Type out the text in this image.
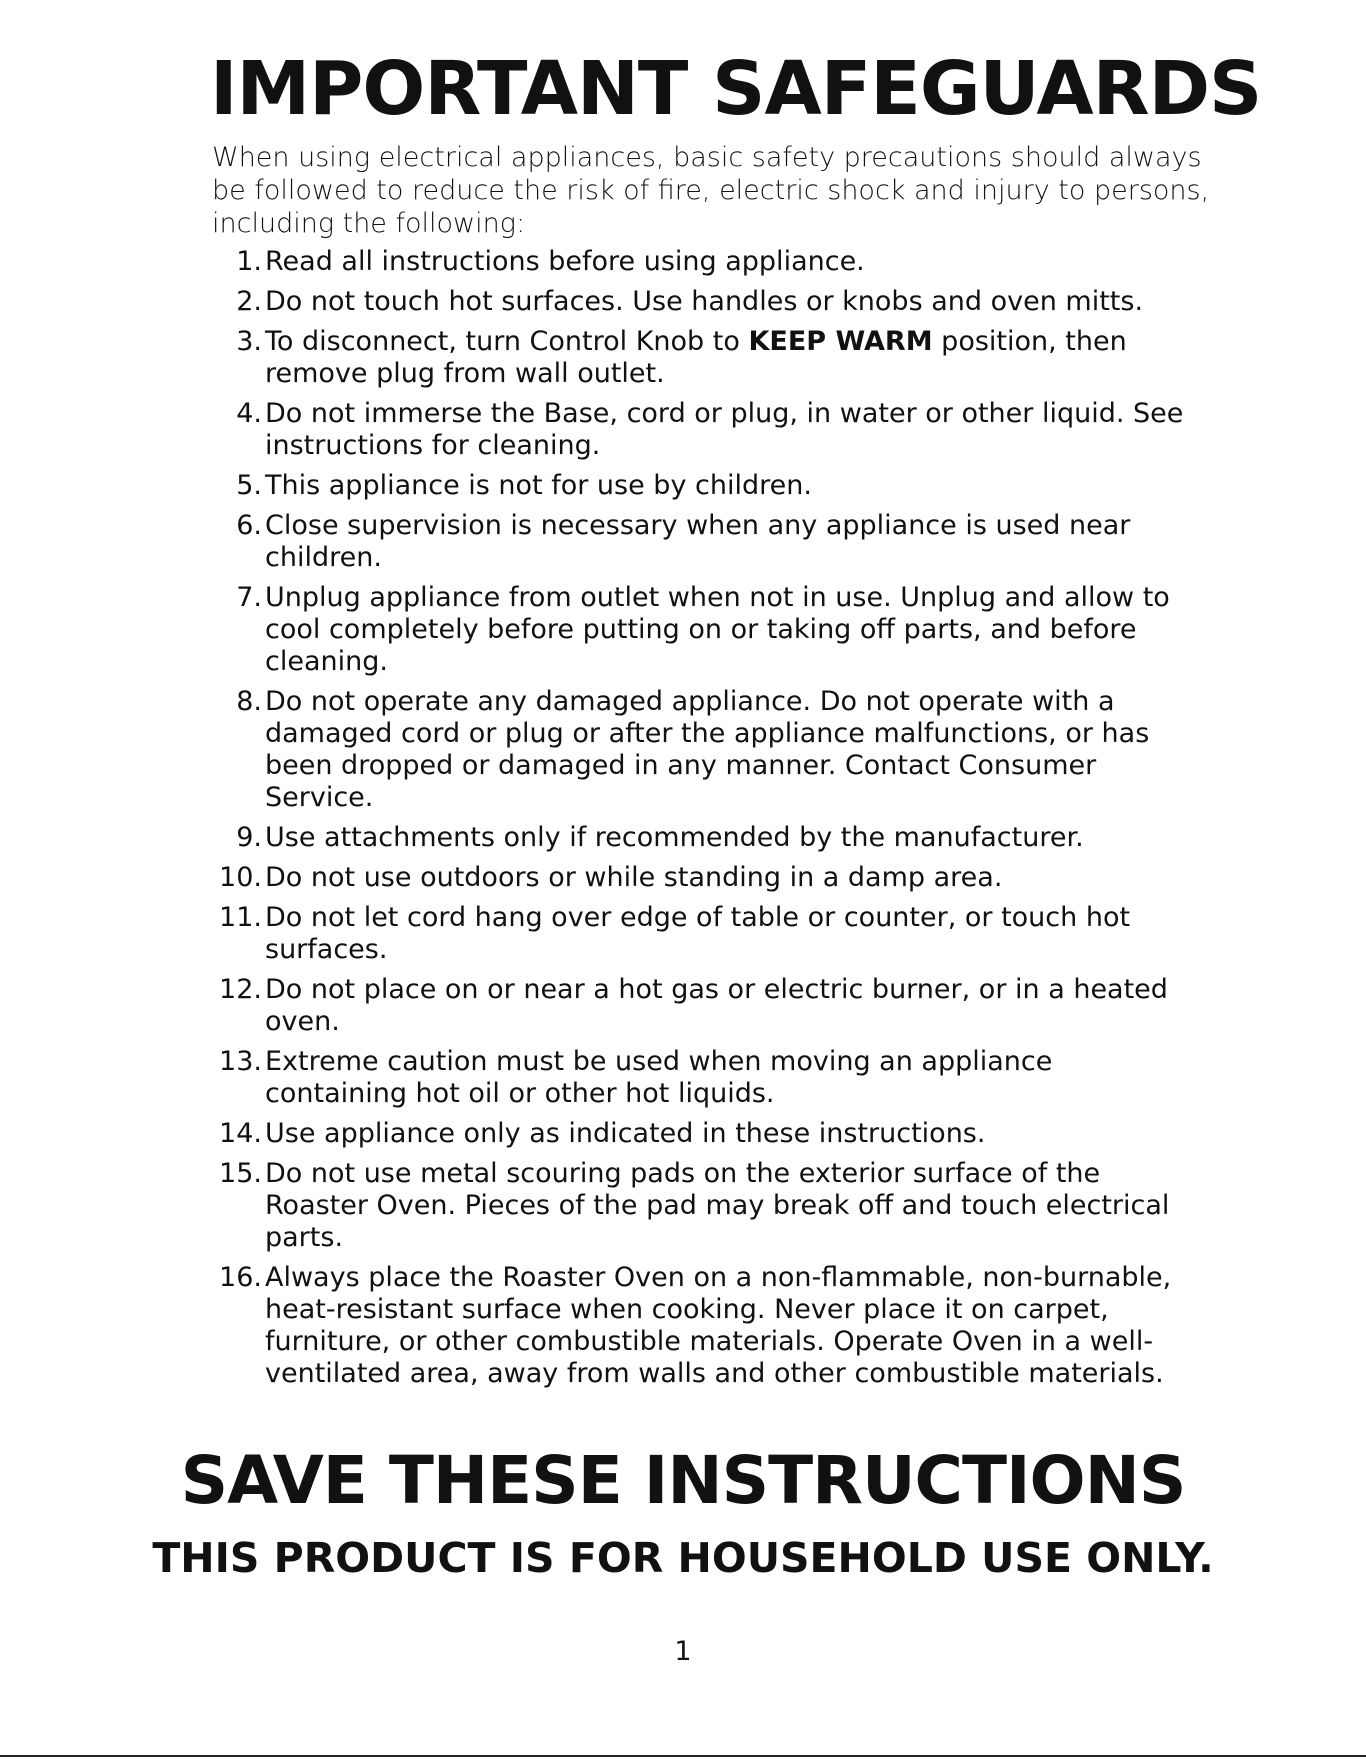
IMPORTANT SAFEGUARDS

When using electrical appliances, basic safety precautions should always be followed to reduce the risk of fire, electric shock and injury to persons, including the following:

1. Read all instructions before using appliance.
2. Do not touch hot surfaces. Use handles or knobs and oven mitts.
3. To disconnect, turn Control Knob to KEEP WARM position, then remove plug from wall outlet.
4. Do not immerse the Base, cord or plug, in water or other liquid. See instructions for cleaning.
5. This appliance is not for use by children.
6. Close supervision is necessary when any appliance is used near children.
7. Unplug appliance from outlet when not in use. Unplug and allow to cool completely before putting on or taking off parts, and before cleaning.
8. Do not operate any damaged appliance. Do not operate with a damaged cord or plug or after the appliance malfunctions, or has been dropped or damaged in any manner. Contact Consumer Service.
9. Use attachments only if recommended by the manufacturer.
10. Do not use outdoors or while standing in a damp area.
11. Do not let cord hang over edge of table or counter, or touch hot surfaces.
12. Do not place on or near a hot gas or electric burner, or in a heated oven.
13. Extreme caution must be used when moving an appliance containing hot oil or other hot liquids.
14. Use appliance only as indicated in these instructions.
15. Do not use metal scouring pads on the exterior surface of the Roaster Oven. Pieces of the pad may break off and touch electrical parts.
16. Always place the Roaster Oven on a non-flammable, non-burnable, heat-resistant surface when cooking. Never place it on carpet, furniture, or other combustible materials. Operate Oven in a well-ventilated area, away from walls and other combustible materials.
SAVE THESE INSTRUCTIONS
THIS PRODUCT IS FOR HOUSEHOLD USE ONLY.
1
